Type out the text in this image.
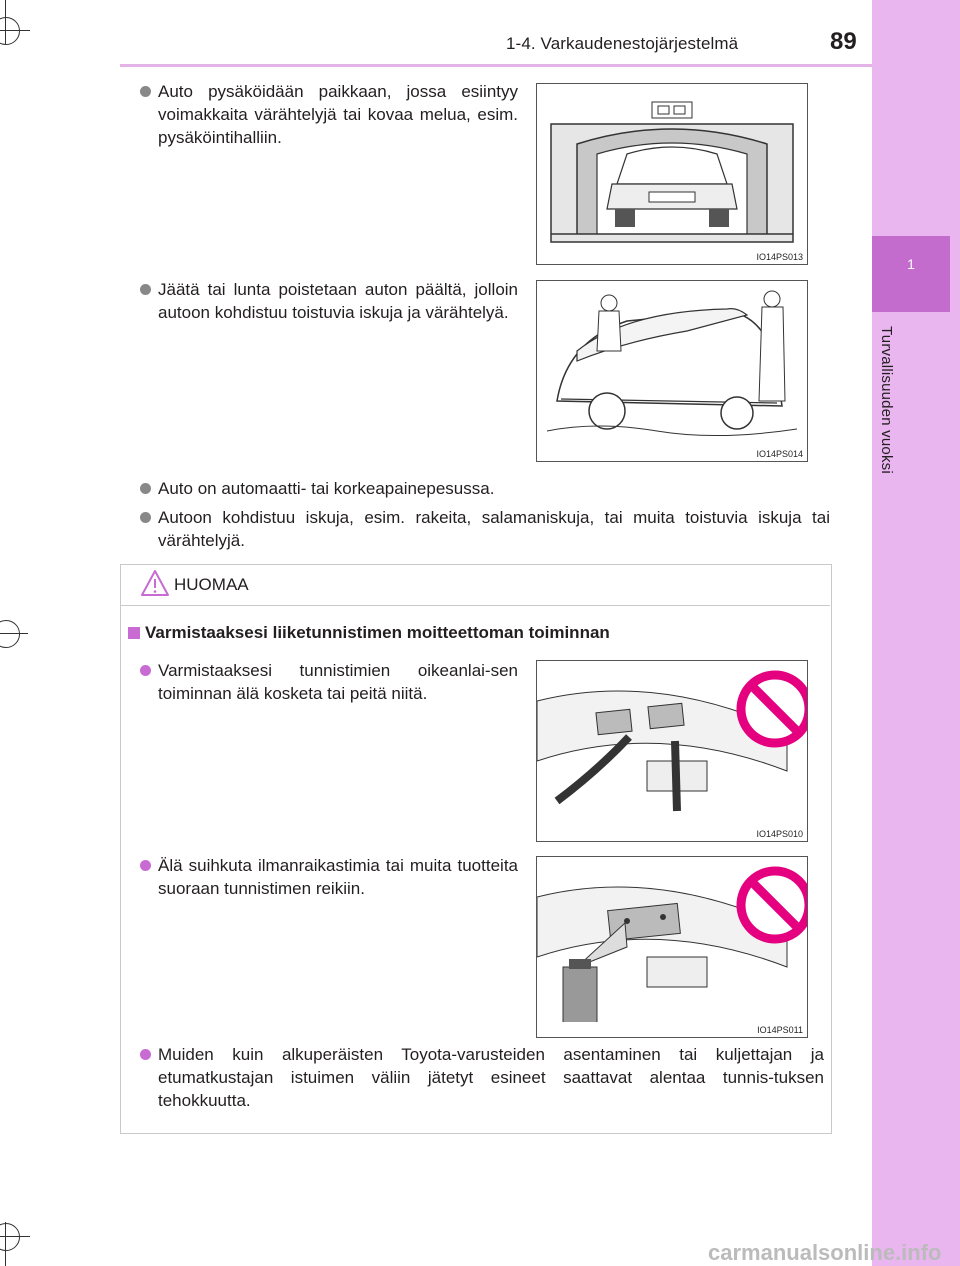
1
Turvallisuuden vuoksi
1-4. Varkaudenestojärjestelmä	89
Auto pysäköidään paikkaan, jossa esiintyy voimakkaita värähtelyjä tai kovaa melua, esim. pysäköintihalliin.
Jäätä tai lunta poistetaan auton päältä, jolloin autoon kohdistuu toistuvia iskuja ja värähtelyä.
Auto on automaatti- tai korkeapainepesussa.
Autoon kohdistuu iskuja, esim. rakeita, salamaniskuja, tai muita toistuvia iskuja tai värähtelyjä.
IO14PS013
IO14PS014
HUOMAA
Varmistaaksesi liiketunnistimen moitteettoman toiminnan
Varmistaaksesi tunnistimien oikeanlai-sen toiminnan älä kosketa tai peitä niitä.
Älä suihkuta ilmanraikastimia tai muita tuotteita suoraan tunnistimen reikiin.
Muiden kuin alkuperäisten Toyota-varusteiden asentaminen tai kuljettajan ja etumatkustajan istuimen väliin jätetyt esineet saattavat alentaa tunnis-tuksen tehokkuutta.
IO14PS010
IO14PS011
carmanualsonline.info
